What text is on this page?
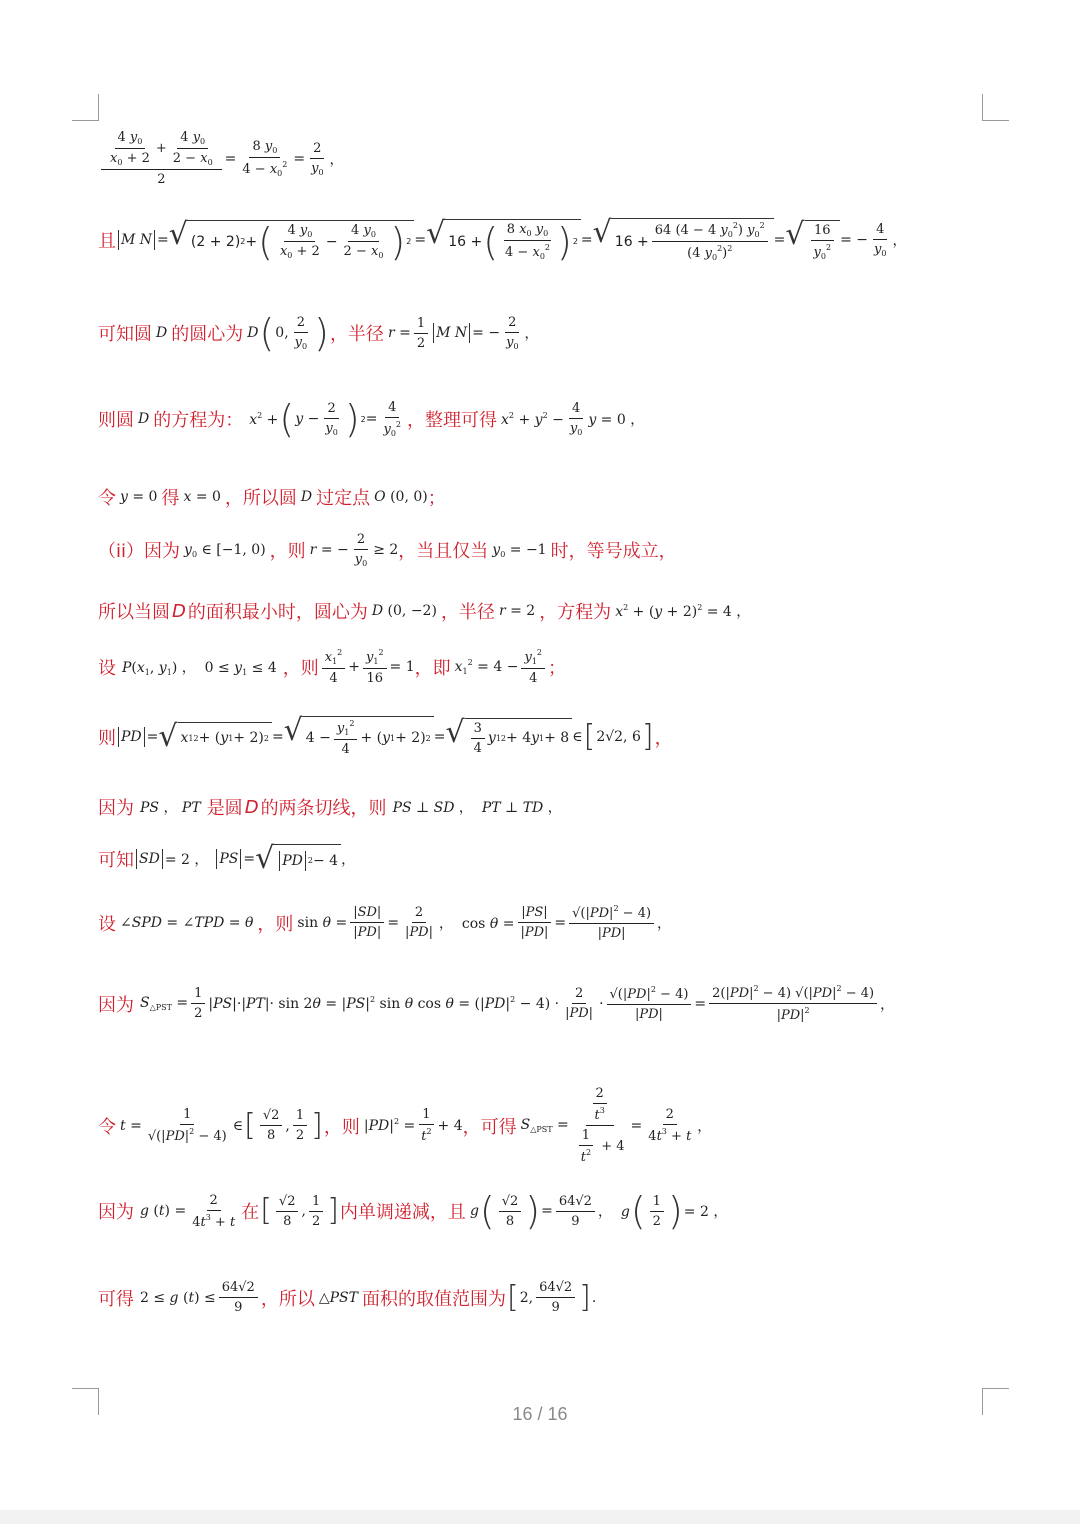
$\frac{\frac{4 y_0}{x_0 + 2} + \frac{4 y_0}{2 - x_0}}{2} = \frac{8 y_0}{4 - x_0^2} = \frac{2}{y_0}$ ，
且 M N = √ (2 + 2) 2 + ( $\frac{4 y_0}{x_0 + 2} - \frac{4 y_0}{2 - x_0}$ ) 2 = √ 16 + ( $\frac{8 x_0 y_0}{4 - x_0^2}$ ) 2 = √ $16 + \frac{64 (4 - 4 y_0^2) y_0^2}{(4 y_0^2)^2}$ = √ $\frac{16}{y_0^2}$ = − $\frac{4}{y_0}$ ，
可知圆 D 的圆心为 D ( 0, $\frac{2}{y_0}$ ) ，半径 $r = \frac{1}{2}$ M N = − $\frac{2}{y_0}$ ，
则圆 D 的方程为： $x^2$ + ( $y - \frac{2}{y_0}$ ) $2 = \frac{4}{y_0^2}$ ，整理可得 $x^2 + y^2 - \frac{4}{y_0}$ y = 0 ，
令 y = 0 得 x = 0 ，所以圆 D 过定点 O (0, 0) ；
（ii）因为 $y_0$ ∈ [−1, 0) ，则 r = − $\frac{2}{y_0} \ge 2$ ，当且仅当 $y_0 = -1$ 时，等号成立，
所以当圆 D 的面积最小时，圆心为 D (0, −2) ，半径 r = 2 ，方程为 $x^2 + (y + 2)^2 = 4$ ，
设 $P(x_1$, $y_1$) ，  $0 \le y_1 \le 4$ ，则 $\frac{x_1^2}{4} + \frac{y_1^2}{16} = 1$ ，即 $x_1^2 = 4 - \frac{y_1^2}{4}$ ；
则 PD = √ x 1 2 + ( y 1 + 2) 2 = √ $4 - \frac{y_1^2}{4}$ + ( y 1 + 2) 2 = √ $\frac{3}{4}$ y 1 2 + 4 y 1 + 8 ∈ [ 2√2, 6 ] ，
因为 PS ， PT 是圆 D 的两条切线，则 PS ⊥ SD ，  PT ⊥ TD ，
可知 SD = 2 ， PS = √ PD 2 − 4 ，
设 ∠SPD = ∠TPD = θ ，则 $\sin \theta = \frac{|SD|}{|PD|} = \frac{2}{|PD|}$ ，  $\cos \theta = \frac{|PS|}{|PD|} = \frac{√(|PD|^2 - 4)}{|PD|}$ ，
因为 $S_{\triangle PST} = \frac{1}{2} |PS|\cdot|PT|\cdot \sin 2\theta = |PS|^2$ sin θ $\cos \theta = (|PD|^2 - 4) \cdot \frac{2}{|PD|} \cdot \frac{√(|PD|^2 - 4)}{|PD|} = \frac{2(|PD|^2 - 4) √(|PD|^2 - 4)}{|PD|^2}$ ，
令 $t = \frac{1}{√(|PD|^2 - 4)}$ ∈ [ $\frac{√2}{8}$ , $\frac{1}{2}$ ] ，则 $|PD|^2 = \frac{1}{t^2} + 4$ ，可得 $S_{\triangle PST} = \frac{\frac{2}{t^3}}{\frac{1}{t^2} + 4} = \frac{2}{4t^3 + t}$ ，
因为 g $(t) = \frac{2}{4t^3 + t}$ 在 [ $\frac{√2}{8}$ , $\frac{1}{2}$ ] 内单调递减，且 g ( $\frac{√2}{8}$ ) = $\frac{64√2}{9}$ ，  g ( $\frac{1}{2}$ ) = 2 ，
可得 2 ≤ g $(t) \le \frac{64√2}{9}$ ，所以 △PST 面积的取值范围为 [ 2, $\frac{64√2}{9}$ ] .
16 / 16
